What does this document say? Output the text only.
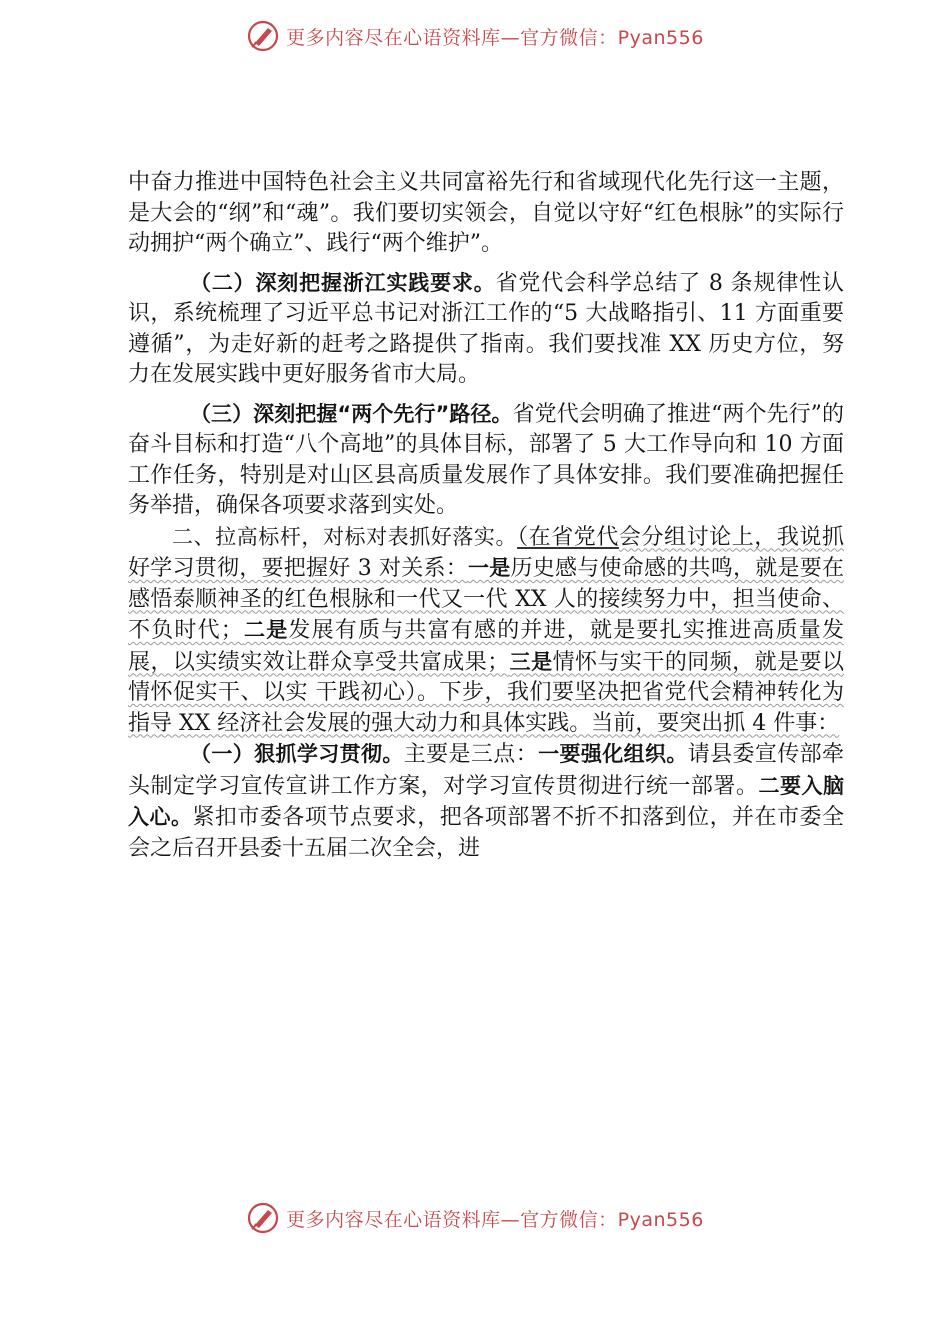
更多内容尽在心语资料库—官方微信：Pyan556

中奋力推进中国特色社会主义共同富裕先行和省域现代化先行这一主题，是大会的“纲”和“魂”。我们要切实领会，自觉以守好“红色根脉”的实际行动拥护“两个确立”、践行“两个维护”。

（二）深刻把握浙江实践要求。省党代会科学总结了 8 条规律性认识，系统梳理了习近平总书记对浙江工作的“5 大战略指引、11 方面重要遵循”，为走好新的赶考之路提供了指南。我们要找准 XX 历史方位，努力在发展实践中更好服务省市大局。

（三）深刻把握“两个先行”路径。省党代会明确了推进“两个先行”的奋斗目标和打造“八个高地”的具体目标，部署了 5 大工作导向和 10 方面工作任务，特别是对山区县高质量发展作了具体安排。我们要准确把握任务举措，确保各项要求落到实处。

二、拉高标杆，对标对表抓好落实。（在省党代会分组讨论上，我说抓好学习贯彻，要把握好 3 对关系：一是历史感与使命感的共鸣，就是要在感悟泰顺神圣的红色根脉和一代又一代 XX 人的接续努力中，担当使命、不负时代；二是发展有质与共富有感的并进，就是要扎实推进高质量发展，以实绩实效让群众享受共富成果；三是情怀与实干的同频，就是要以情怀促实干、以实 干践初心）。下步，我们要坚决把省党代会精神转化为指导 XX 经济社会发展的强大动力和具体实践。当前，要突出抓 4 件事：

（一）狠抓学习贯彻。主要是三点：一要强化组织。请县委宣传部牵头制定学习宣传宣讲工作方案，对学习宣传贯彻进行统一部署。二要入脑入心。紧扣市委各项节点要求，把各项部署不折不扣落到位，并在市委全会之后召开县委十五届二次全会，进

更多内容尽在心语资料库—官方微信：Pyan556
